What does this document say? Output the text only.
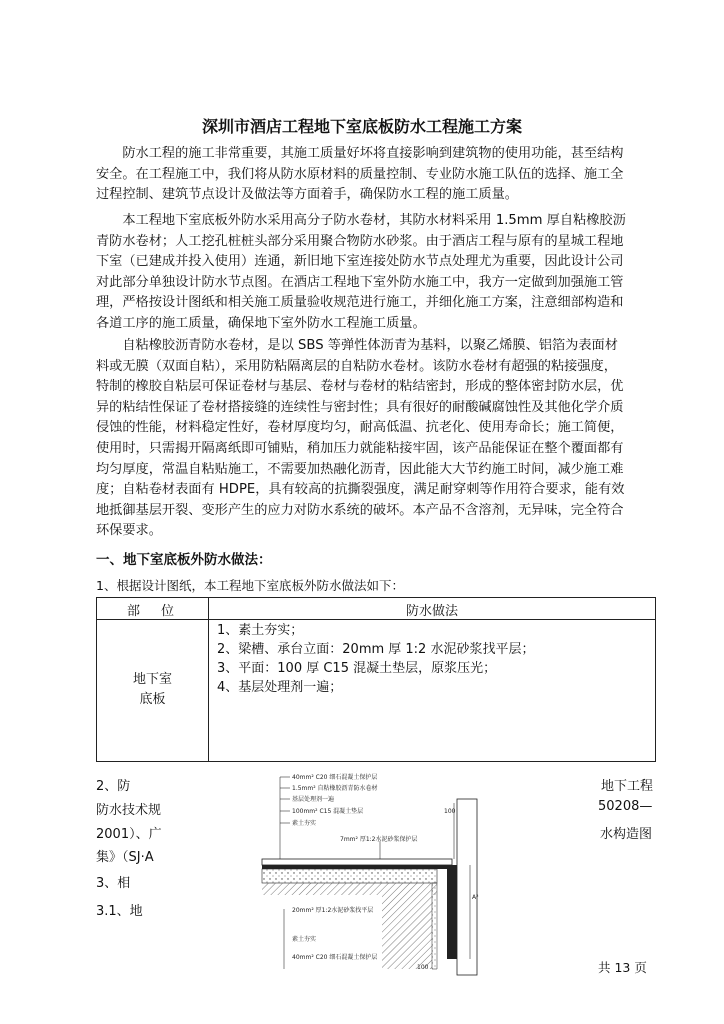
深圳市酒店工程地下室底板防水工程施工方案

　　防水工程的施工非常重要，其施工质量好坏将直接影响到建筑物的使用功能，甚至结构
安全。在工程施工中，我们将从防水原材料的质量控制、专业防水施工队伍的选择、施工全
过程控制、建筑节点设计及做法等方面着手，确保防水工程的施工质量。

　　本工程地下室底板外防水采用高分子防水卷材，其防水材料采用 1.5mm 厚自粘橡胶沥
青防水卷材；人工挖孔桩桩头部分采用聚合物防水砂浆。由于酒店工程与原有的星城工程地
下室（已建成并投入使用）连通，新旧地下室连接处防水节点处理尤为重要，因此设计公司
对此部分单独设计防水节点图。在酒店工程地下室外防水施工中，我方一定做到加强施工管
理，严格按设计图纸和相关施工质量验收规范进行施工，并细化施工方案，注意细部构造和
各道工序的施工质量，确保地下室外防水工程施工质量。

　　自粘橡胶沥青防水卷材，是以 SBS 等弹性体沥青为基料，以聚乙烯膜、铝箔为表面材
料或无膜（双面自粘），采用防粘隔离层的自粘防水卷材。该防水卷材有超强的粘接强度，
特制的橡胶自粘层可保证卷材与基层、卷材与卷材的粘结密封，形成的整体密封防水层，优
异的粘结性保证了卷材搭接缝的连续性与密封性；具有很好的耐酸碱腐蚀性及其他化学介质
侵蚀的性能，材料稳定性好，卷材厚度均匀，耐高低温、抗老化、使用寿命长；施工简便，
使用时，只需揭开隔离纸即可铺贴，稍加压力就能粘接牢固，该产品能保证在整个覆面都有
均匀厚度，常温自粘贴施工，不需要加热融化沥青，因此能大大节约施工时间，减少施工难
度；自粘卷材表面有 HDPE，具有较高的抗撕裂强度，满足耐穿刺等作用符合要求，能有效
地抵御基层开裂、变形产生的应力对防水系统的破坏。本产品不含溶剂，无异味，完全符合
环保要求。

一、地下室底板外防水做法：
1、根据设计图纸，本工程地下室底板外防水做法如下：
部　位	防水做法
地下室
底板
1、素土夯实；
2、梁槽、承台立面：20mm 厚 1:2 水泥砂浆找平层；
3、平面：100 厚 C15 混凝土垫层，原浆压光；
4、基层处理剂一遍；
2、防
防水技术规
2001）、广
集》（SJ·A
3、相
3.1、地
地下工程
50208—
水构造图
40mm² C20 细石混凝土保护层
1.5mm² 自粘橡胶沥青防水卷材
基层处理剂一遍
100mm² C15 混凝土垫层
素土夯实
7mm² 厚1:2水泥砂浆保护层
20mm² 厚1:2水泥砂浆找平层
素土夯实
40mm² C20 细石混凝土保护层
100
A²
100	共 13 页
